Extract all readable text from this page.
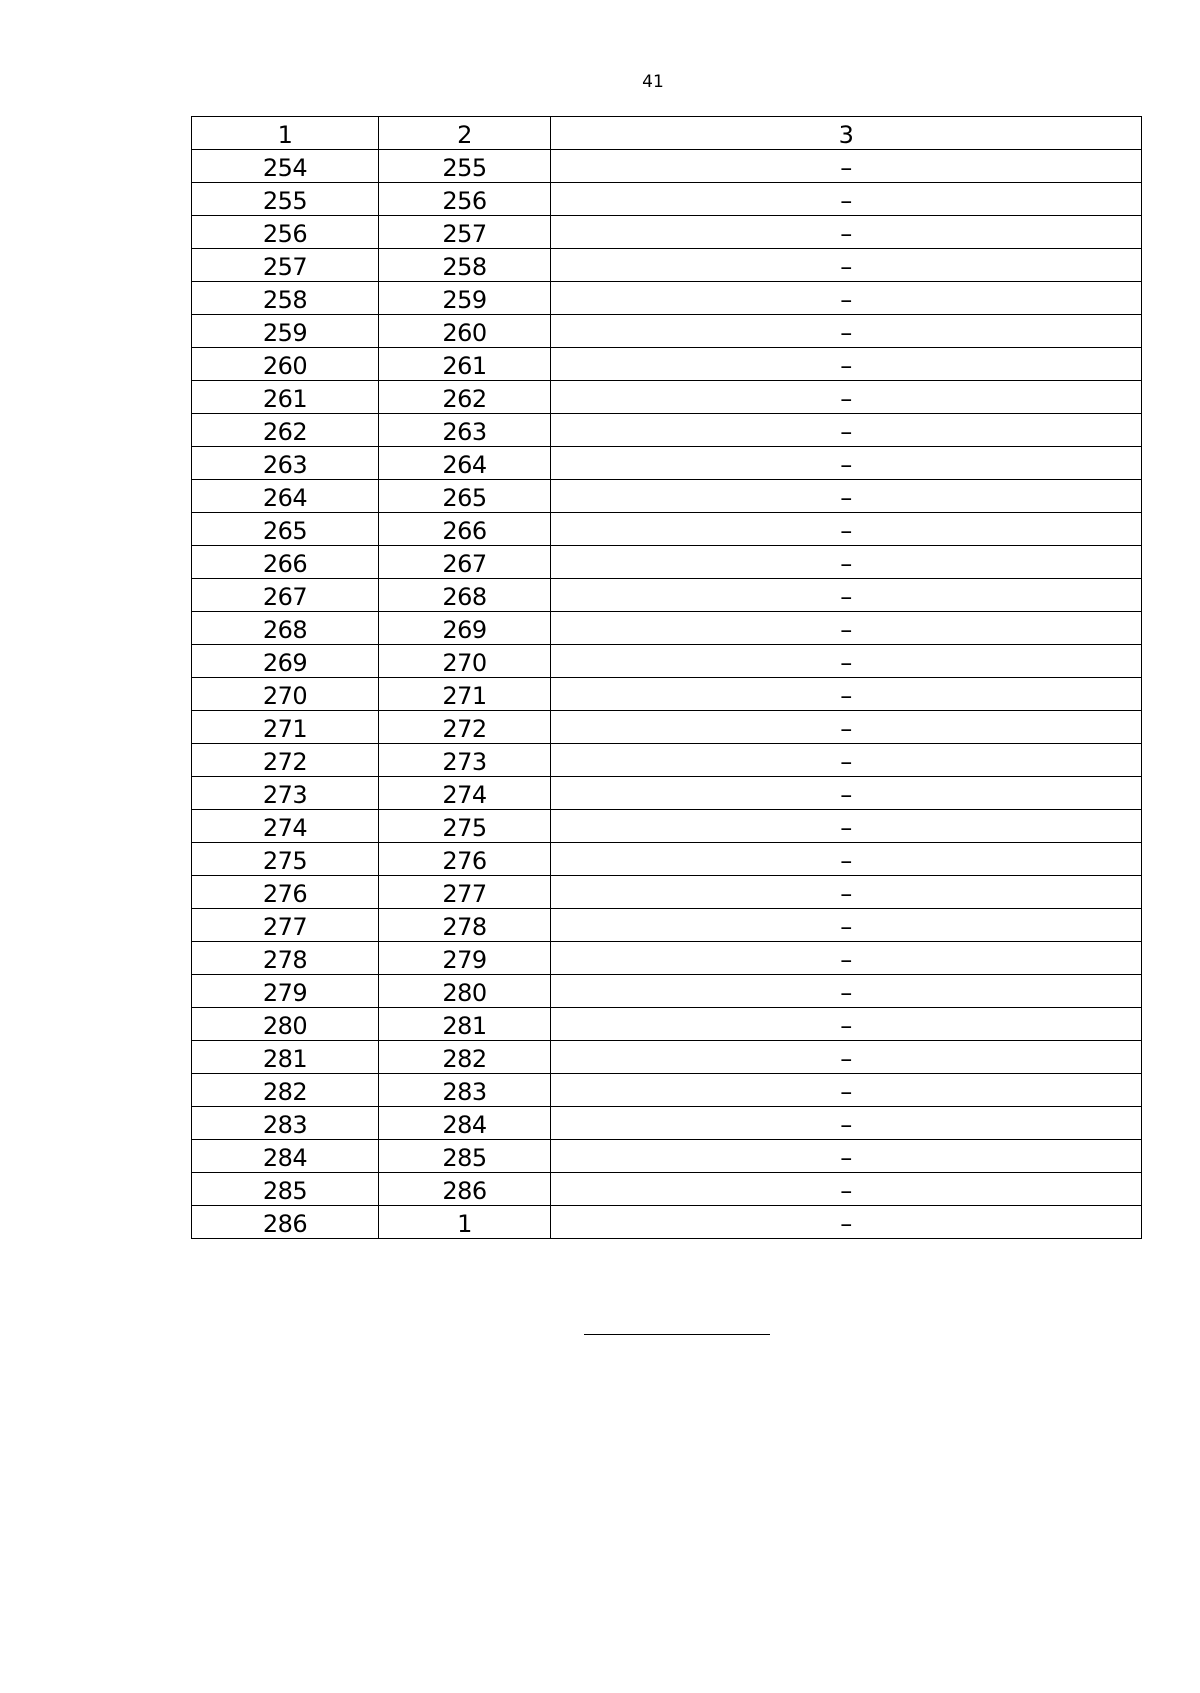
41
1	2	3
254	255	–
255	256	–
256	257	–
257	258	–
258	259	–
259	260	–
260	261	–
261	262	–
262	263	–
263	264	–
264	265	–
265	266	–
266	267	–
267	268	–
268	269	–
269	270	–
270	271	–
271	272	–
272	273	–
273	274	–
274	275	–
275	276	–
276	277	–
277	278	–
278	279	–
279	280	–
280	281	–
281	282	–
282	283	–
283	284	–
284	285	–
285	286	–
286	1	–
